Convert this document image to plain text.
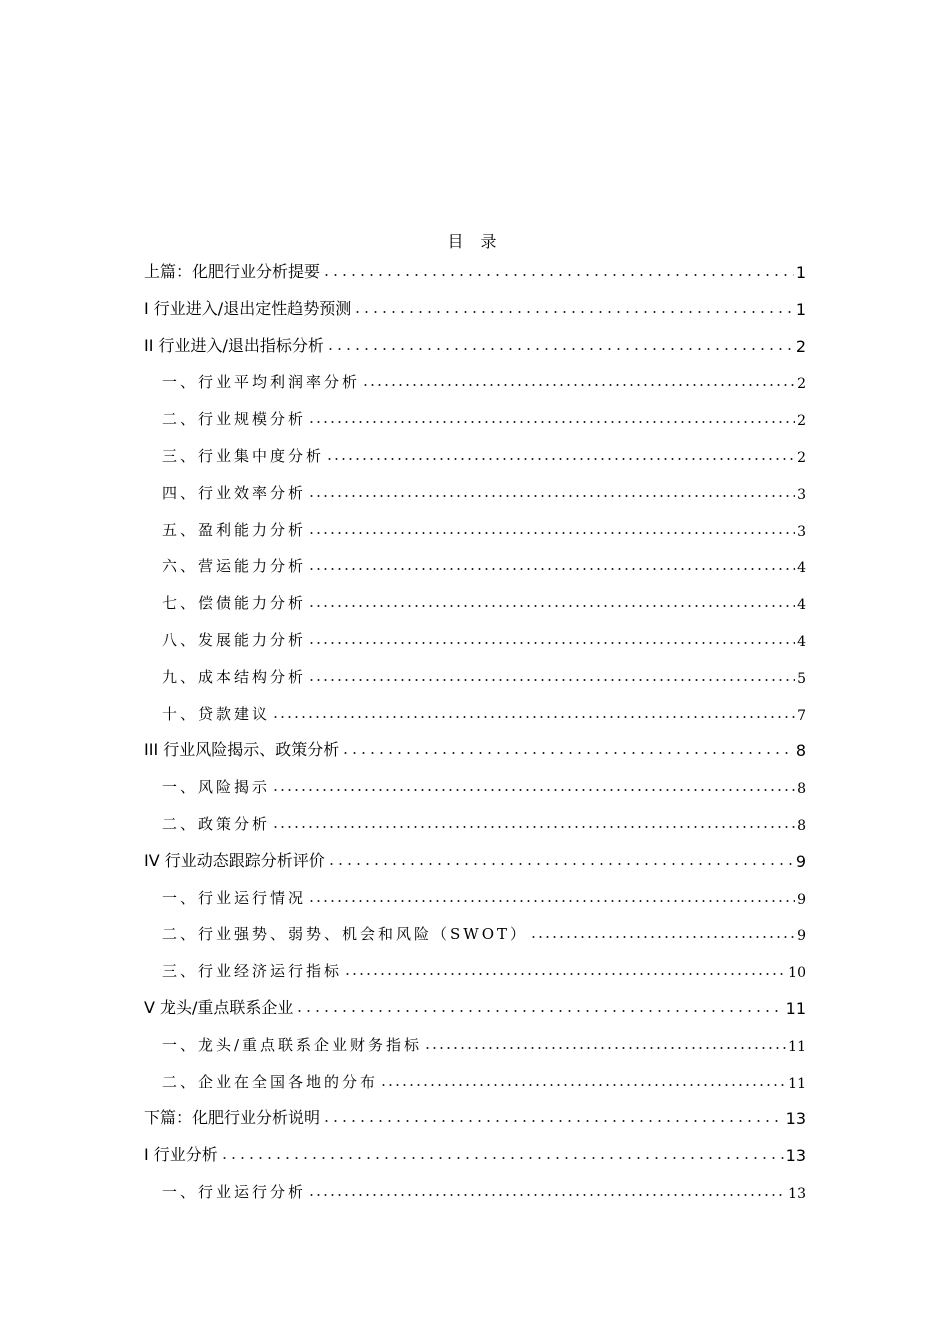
目 录
上篇：化肥行业分析提要	1
I 行业进入/退出定性趋势预测	1
II 行业进入/退出指标分析	2
一、行业平均利润率分析	2
二、行业规模分析	2
三、行业集中度分析	2
四、行业效率分析	3
五、盈利能力分析	3
六、营运能力分析	4
七、偿债能力分析	4
八、发展能力分析	4
九、成本结构分析	5
十、贷款建议	7
III 行业风险揭示、政策分析	8
一、风险揭示	8
二、政策分析	8
IV 行业动态跟踪分析评价	9
一、行业运行情况	9
二、行业强势、弱势、机会和风险（SWOT）	9
三、行业经济运行指标	10
V 龙头/重点联系企业	11
一、龙头/重点联系企业财务指标	11
二、企业在全国各地的分布	11
下篇：化肥行业分析说明	13
I 行业分析	13
一、行业运行分析	13
